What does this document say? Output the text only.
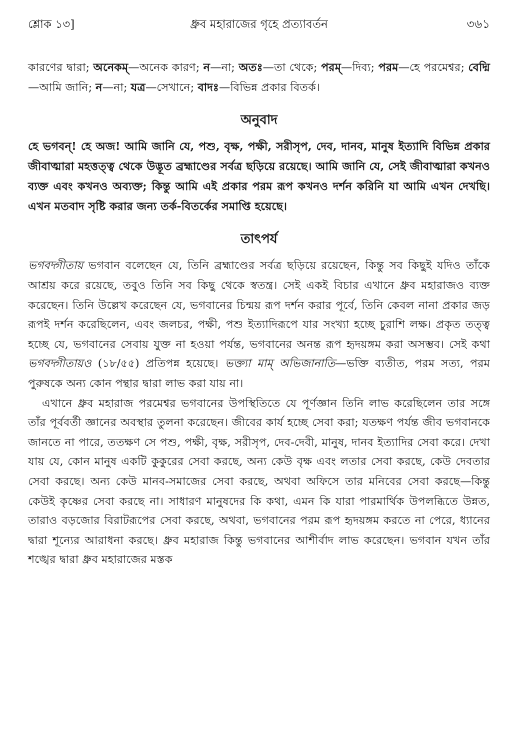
শ্লোক ১৩]	ধ্রুব মহারাজের গৃহে প্রত্যাবর্তন	৩৬১

কারণের দ্বারা; অনেকম্‌—অনেক কারণ; ন—না; অতঃ—তা থেকে; পরম্‌—দিব্য; পরম—হে পরমেশ্বর; বেদ্মি—আমি জানি; ন—না; যত্র—সেখানে; বাদঃ—বিভিন্ন প্রকার বিতর্ক।

অনুবাদ

হে ভগবন্‌! হে অজ! আমি জানি যে, পশু, বৃক্ষ, পক্ষী, সরীসৃপ, দেব, দানব, মানুষ ইত্যাদি বিভিন্ন প্রকার জীবাত্মারা মহত্তত্ত্ব থেকে উদ্ভূত ব্রহ্মাণ্ডের সর্বত্র ছড়িয়ে রয়েছে। আমি জানি যে, সেই জীবাত্মারা কখনও ব্যক্ত এবং কখনও অব্যক্ত; কিন্তু আমি এই প্রকার পরম রূপ কখনও দর্শন করিনি যা আমি এখন দেখছি। এখন মতবাদ সৃষ্টি করার জন্য তর্ক-বিতর্কের সমাপ্তি হয়েছে।

তাৎপর্য

ভগবদ্গীতায় ভগবান বলেছেন যে, তিনি ব্রহ্মাণ্ডের সর্বত্র ছড়িয়ে রয়েছেন, কিন্তু সব কিছুই যদিও তাঁকে আশ্রয় করে রয়েছে, তবুও তিনি সব কিছু থেকে স্বতন্ত্র। সেই একই বিচার এখানে ধ্রুব মহারাজও ব্যক্ত করেছেন। তিনি উল্লেখ করেছেন যে, ভগবানের চিন্ময় রূপ দর্শন করার পূর্বে, তিনি কেবল নানা প্রকার জড় রূপই দর্শন করেছিলেন, এবং জলচর, পক্ষী, পশু ইত্যাদিরূপে যার সংখ্যা হচ্ছে চুরাশি লক্ষ। প্রকৃত তত্ত্ব হচ্ছে যে, ভগবানের সেবায় যুক্ত না হওয়া পর্যন্ত, ভগবানের অনন্ত রূপ হৃদয়ঙ্গম করা অসম্ভব। সেই কথা ভগবদ্গীতায়ও (১৮/৫৫) প্রতিপন্ন হয়েছে। ভক্ত্যা মাম্‌ অভিজানাতি—ভক্তি ব্যতীত, পরম সত্য, পরম পুরুষকে অন্য কোন পন্থার দ্বারা লাভ করা যায় না।

এখানে ধ্রুব মহারাজ পরমেশ্বর ভগবানের উপস্থিতিতে যে পূর্ণজ্ঞান তিনি লাভ করেছিলেন তার সঙ্গে তাঁর পূর্ববর্তী জ্ঞানের অবস্থার তুলনা করেছেন। জীবের কার্য হচ্ছে সেবা করা; যতক্ষণ পর্যন্ত জীব ভগবানকে জানতে না পারে, ততক্ষণ সে পশু, পক্ষী, বৃক্ষ, সরীসৃপ, দেব-দেবী, মানুষ, দানব ইত্যাদির সেবা করে। দেখা যায় যে, কোন মানুষ একটি কুকুরের সেবা করছে, অন্য কেউ বৃক্ষ এবং লতার সেবা করছে, কেউ দেবতার সেবা করছে। অন্য কেউ মানব-সমাজের সেবা করছে, অথবা অফিসে তার মনিবের সেবা করছে—কিন্তু কেউই কৃষ্ণের সেবা করছে না। সাধারণ মানুষদের কি কথা, এমন কি যারা পারমার্থিক উপলব্ধিতে উন্নত, তারাও বড়জোর বিরাটরূপের সেবা করছে, অথবা, ভগবানের পরম রূপ হৃদয়ঙ্গম করতে না পেরে, ধ্যানের দ্বারা শূন্যের আরাধনা করছে। ধ্রুব মহারাজ কিন্তু ভগবানের আশীর্বাদ লাভ করেছেন। ভগবান যখন তাঁর শঙ্খের দ্বারা ধ্রুব মহারাজের মস্তক
